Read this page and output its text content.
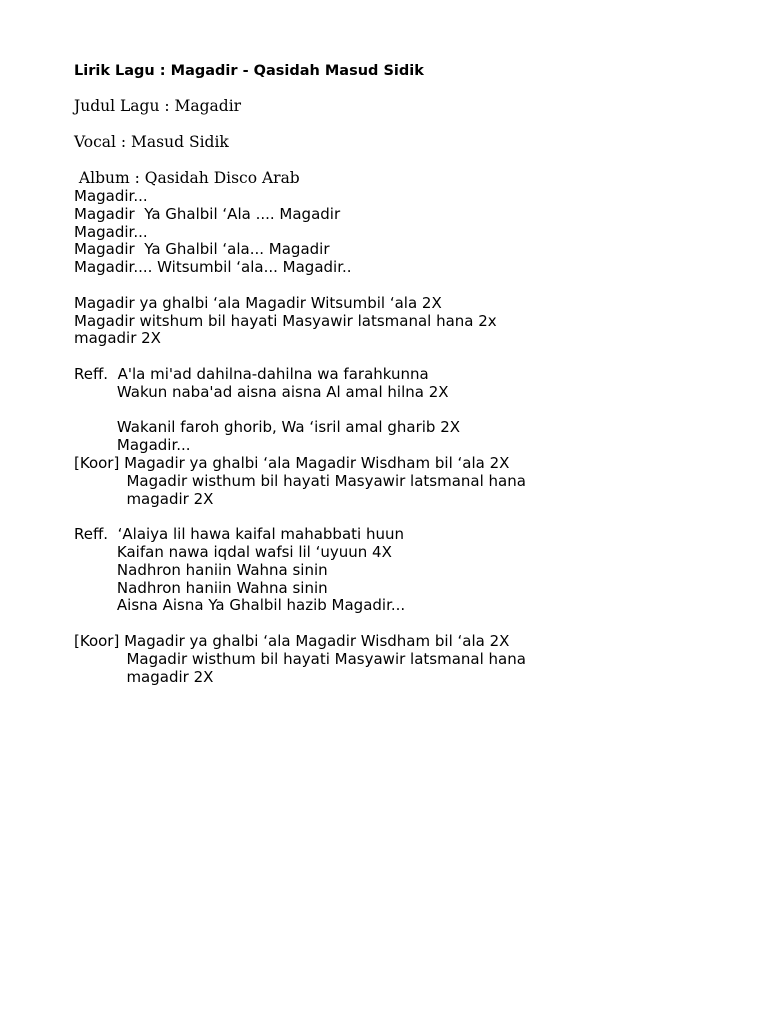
Lirik Lagu : Magadir - Qasidah Masud Sidik
Judul Lagu : Magadir
Vocal : Masud Sidik
Album : Qasidah Disco Arab
Magadir...
Magadir  Ya Ghalbil ‘Ala .... Magadir
Magadir...
Magadir  Ya Ghalbil ‘ala... Magadir
Magadir.... Witsumbil ‘ala... Magadir..
Magadir ya ghalbi ‘ala Magadir Witsumbil ‘ala 2X
Magadir witshum bil hayati Masyawir latsmanal hana 2x
magadir 2X
Reff.  A'la mi'ad dahilna-dahilna wa farahkunna
Wakun naba'ad aisna aisna Al amal hilna 2X
Wakanil faroh ghorib, Wa ‘isril amal gharib 2X
Magadir...
[Koor] Magadir ya ghalbi ‘ala Magadir Wisdham bil ‘ala 2X
Magadir wisthum bil hayati Masyawir latsmanal hana
magadir 2X
Reff.  ‘Alaiya lil hawa kaifal mahabbati huun
Kaifan nawa iqdal wafsi lil ‘uyuun 4X
Nadhron haniin Wahna sinin
Nadhron haniin Wahna sinin
Aisna Aisna Ya Ghalbil hazib Magadir...
[Koor] Magadir ya ghalbi ‘ala Magadir Wisdham bil ‘ala 2X
Magadir wisthum bil hayati Masyawir latsmanal hana
magadir 2X
